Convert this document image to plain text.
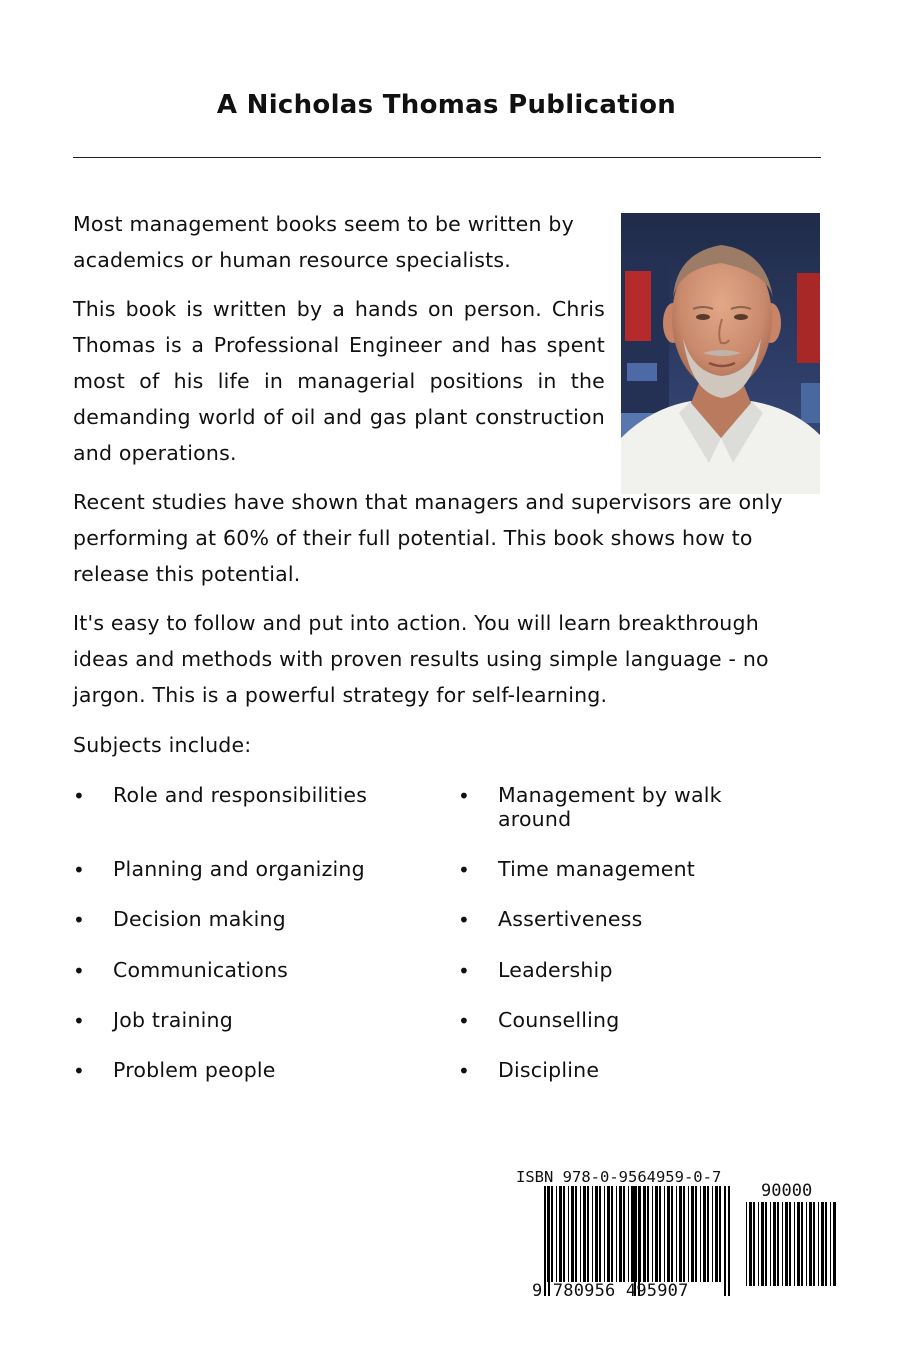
A Nicholas Thomas Publication

Most management books seem to be written by academics or human resource specialists.

This book is written by a hands on person. Chris Thomas is a Professional Engineer and has spent most of his life in managerial positions in the demanding world of oil and gas plant construction and operations.

Recent studies have shown that managers and supervisors are only performing at 60% of their full potential. This book shows how to release this potential.

It's easy to follow and put into action. You will learn breakthrough ideas and methods with proven results using simple language - no jargon. This is a powerful strategy for self-learning.

Subjects include:

• Role and responsibilities
• Planning and organizing
• Decision making
• Communications
• Job training
• Problem people
• Management by walk around
• Time management
• Assertiveness
• Leadership
• Counselling
• Discipline
ISBN 978-0-9564959-0-7
90000
9 780956 495907
